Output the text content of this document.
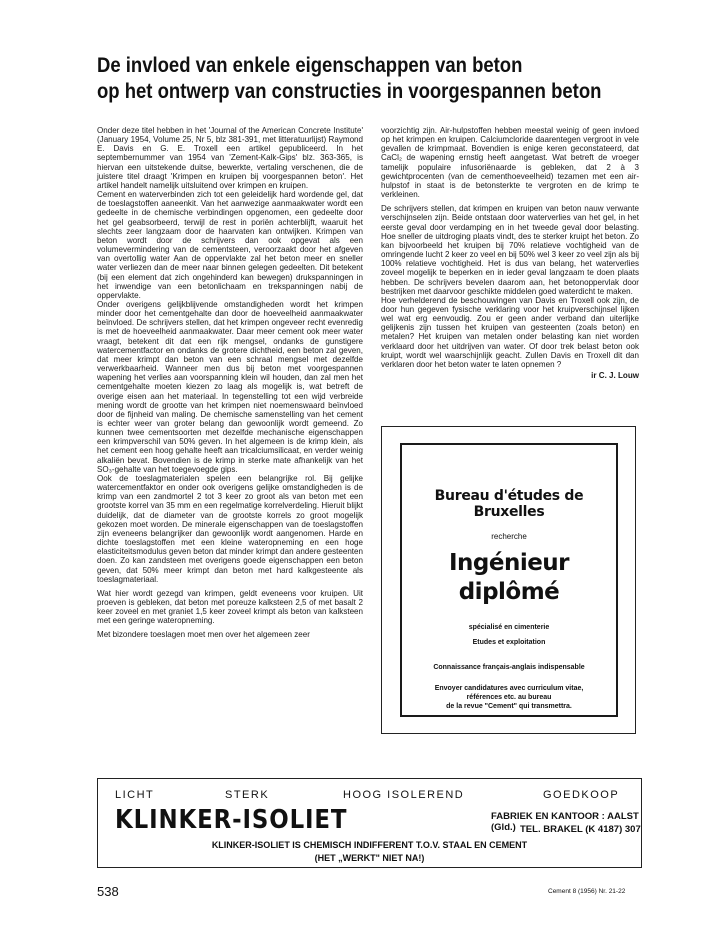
De invloed van enkele eigenschappen van beton
op het ontwerp van constructies in voorgespannen beton

Onder deze titel hebben in het 'Journal of the American Concrete Institute' (January 1954, Volume 25, Nr 5, blz 381-391, met litteratuurlijst) Raymond E. Davis en G. E. Troxell een artikel gepubliceerd. In het septembernummer van 1954 van 'Zement-Kalk-Gips' blz. 363-365, is hiervan een uitstekende duitse, bewerkte, vertaling verschenen, die de juistere titel draagt 'Krimpen en kruipen bij voorgespannen beton'. Het artikel handelt namelijk uitsluitend over krimpen en kruipen.

Cement en waterverbinden zich tot een geleidelijk hard wordende gel, dat de toeslagstoffen aaneenkit. Van het aanwezige aanmaakwater wordt een gedeelte in de chemische verbindingen opgenomen, een gedeelte door het gel geabsorbeerd, terwijl de rest in poriën achterblijft, waaruit het slechts zeer langzaam door de haarvaten kan ontwijken. Krimpen van beton wordt door de schrijvers dan ook opgevat als een volumevermindering van de cementsteen, veroorzaakt door het afgeven van overtollig water Aan de oppervlakte zal het beton meer en sneller water verliezen dan de meer naar binnen gelegen gedeelten. Dit betekent (bij een element dat zich ongehinderd kan bewegen) drukspanningen in het inwendige van een betonlichaam en trekspanningen nabij de oppervlakte.

Onder overigens gelijkblijvende omstandigheden wordt het krimpen minder door het cementgehalte dan door de hoeveelheid aanmaakwater beïnvloed. De schrijvers stellen, dat het krimpen ongeveer recht evenredig is met de hoeveelheid aanmaakwater. Daar meer cement ook meer water vraagt, betekent dit dat een rijk mengsel, ondanks de gunstigere watercementfactor en ondanks de grotere dichtheid, een beton zal geven, dat meer krimpt dan beton van een schraal mengsel met dezelfde verwerkbaarheid. Wanneer men dus bij beton met voorgespannen wapening het verlies aan voorspanning klein wil houden, dan zal men het cementgehalte moeten kiezen zo laag als mogelijk is, wat betreft de overige eisen aan het materiaal. In tegenstelling tot een wijd verbreide mening wordt de grootte van het krimpen niet noemenswaard beïnvloed door de fijnheid van maling. De chemische samenstelling van het cement is echter weer van groter belang dan gewoonlijk wordt gemeend. Zo kunnen twee cementsoorten met dezelfde mechanische eigenschappen een krimpverschil van 50% geven. In het algemeen is de krimp klein, als het cement een hoog gehalte heeft aan tricalciumsilicaat, en verder weinig alkaliën bevat. Bovendien is de krimp in sterke mate afhankelijk van het SO₃-gehalte van het toegevoegde gips.

Ook de toeslagmaterialen spelen een belangrijke rol. Bij gelijke watercementfaktor en onder ook overigens gelijke omstandigheden is de krimp van een zandmortel 2 tot 3 keer zo groot als van beton met een grootste korrel van 35 mm en een regelmatige korrelverdeling. Hieruit blijkt duidelijk, dat de diameter van de grootste korrels zo groot mogelijk gekozen moet worden. De minerale eigenschappen van de toeslagstoffen zijn eveneens belangrijker dan gewoonlijk wordt aangenomen. Harde en dichte toeslagstoffen met een kleine wateropneming en een hoge elasticiteitsmodulus geven beton dat minder krimpt dan andere gesteenten doen. Zo kan zandsteen met overigens goede eigenschappen een beton geven, dat 50% meer krimpt dan beton met hard kalkgesteente als toeslagmateriaal.

Wat hier wordt gezegd van krimpen, geldt eveneens voor kruipen. Uit proeven is gebleken, dat beton met poreuze kalksteen 2,5 of met basalt 2 keer zoveel en met graniet 1,5 keer zoveel krimpt als beton van kalksteen met een geringe wateropneming.

Met bizondere toeslagen moet men over het algemeen zeer

voorzichtig zijn. Air-hulpstoffen hebben meestal weinig of geen invloed op het krimpen en kruipen. Calciumcloride daarentegen vergroot in vele gevallen de krimpmaat. Bovendien is enige keren geconstateerd, dat CaCl₂ de wapening ernstig heeft aangetast. Wat betreft de vroeger tamelijk populaire infusoriënaarde is gebleken, dat 2 à 3 gewichtprocenten (van de cementhoeveelheid) tezamen met een air-hulpstof in staat is de betonsterkte te vergroten en de krimp te verkleinen.

De schrijvers stellen, dat krimpen en kruipen van beton nauw verwante verschijnselen zijn. Beide ontstaan door waterverlies van het gel, in het eerste geval door verdamping en in het tweede geval door belasting. Hoe sneller de uitdroging plaats vindt, des te sterker kruipt het beton. Zo kan bijvoorbeeld het kruipen bij 70% relatieve vochtigheid van de omringende lucht 2 keer zo veel en bij 50% wel 3 keer zo veel zijn als bij 100% relatieve vochtigheid. Het is dus van belang, het waterverlies zoveel mogelijk te beperken en in ieder geval langzaam te doen plaats hebben. De schrijvers bevelen daarom aan, het betonoppervlak door bestrijken met daarvoor geschikte middelen goed waterdicht te maken.

Hoe verhelderend de beschouwingen van Davis en Troxell ook zijn, de door hun gegeven fysische verklaring voor het kruipverschijnsel lijken wel wat erg eenvoudig. Zou er geen ander verband dan uiterlijke gelijkenis zijn tussen het kruipen van gesteenten (zoals beton) en metalen? Het kruipen van metalen onder belasting kan niet worden verklaard door het uitdrijven van water. Of door trek belast beton ook kruipt, wordt wel waarschijnlijk geacht. Zullen Davis en Troxell dit dan verklaren door het beton water te laten opnemen ?

ir C. J. Louw
Bureau d'études de Bruxelles
recherche
Ingénieur
diplômé
spécialisé en cimenterie
Etudes et exploitation
Connaissance français-anglais indispensable
Envoyer candidatures avec curriculum vitae,
références etc. au bureau
de la revue "Cement" qui transmettra.
LICHT	STERK	HOOG ISOLEREND	GOEDKOOP
KLINKER-ISOLIET	FABRIEK EN KANTOOR : AALST (Gld.) TEL. BRAKEL (K 4187) 307
KLINKER-ISOLIET IS CHEMISCH INDIFFERENT T.O.V. STAAL EN CEMENT
(HET „WERKT" NIET NA!)
538	Cement 8 (1956) Nr. 21-22
